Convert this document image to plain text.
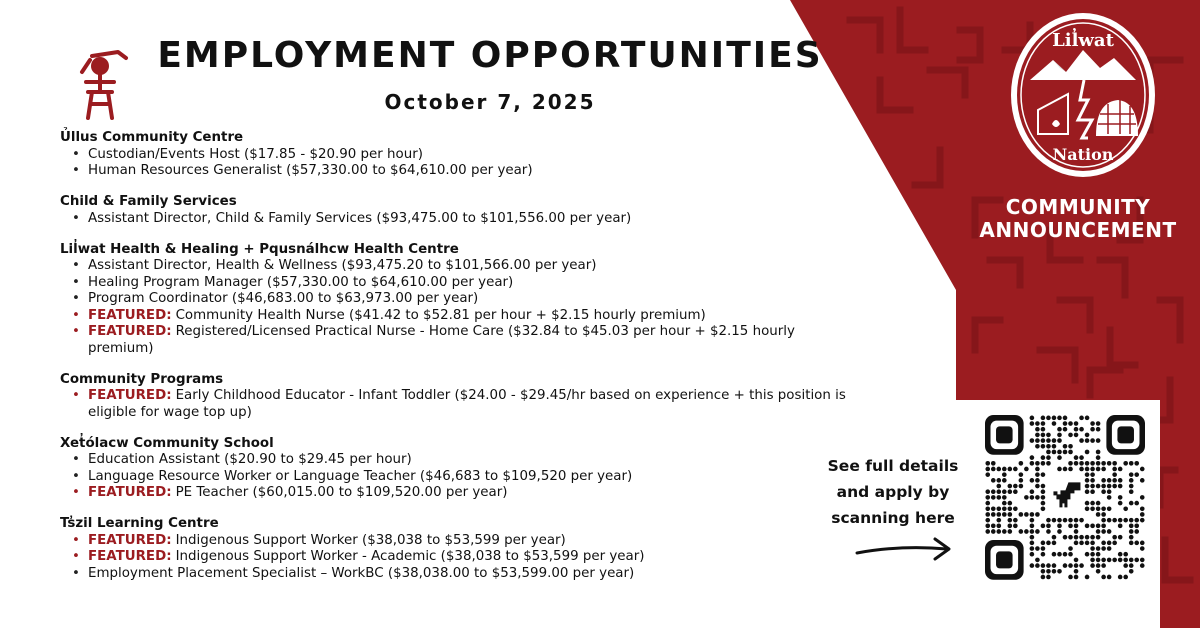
EMPLOYMENT OPPORTUNITIES
October 7, 2025
Ủllus Community Centre
• Custodian/Events Host ($17.85 - $20.90 per hour)
• Human Resources Generalist ($57,330.00 to $64,610.00 per year)
Child & Family Services
• Assistant Director, Child & Family Services ($93,475.00 to $101,556.00 per year)
Lil̓wat Health & Healing + Pqusnálhcw Health Centre
• Assistant Director, Health & Wellness ($93,475.20 to $101,566.00 per year)
• Healing Program Manager ($57,330.00 to $64,610.00 per year)
• Program Coordinator ($46,683.00 to $63,973.00 per year)
• FEATURED: Community Health Nurse ($41.42 to $52.81 per hour + $2.15 hourly premium)
• FEATURED: Registered/Licensed Practical Nurse - Home Care ($32.84 to $45.03 per hour + $2.15 hourly premium)
Community Programs
• FEATURED: Early Childhood Educator - Infant Toddler ($24.00 - $29.45/hr based on experience + this position is eligible for wage top up)
Xet̓ólacw Community School
• Education Assistant ($20.90 to $29.45 per hour)
• Language Resource Worker or Language Teacher ($46,683 to $109,520 per year)
• FEATURED: PE Teacher ($60,015.00 to $109,520.00 per year)
Ts̓zil Learning Centre
• FEATURED: Indigenous Support Worker ($38,038 to $53,599 per year)
• FEATURED: Indigenous Support Worker - Academic ($38,038 to $53,599 per year)
• Employment Placement Specialist – WorkBC ($38,038.00 to $53,599.00 per year)
Lil̓wat
Nation
COMMUNITY
ANNOUNCEMENT
See full details
and apply by
scanning here
